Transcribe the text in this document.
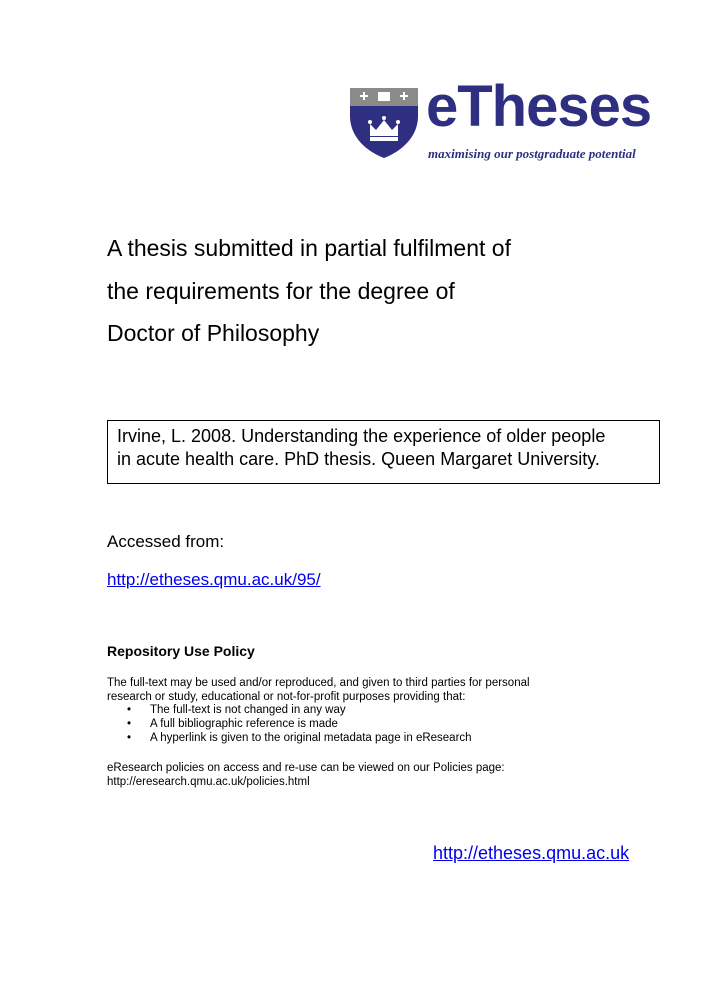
eTheses
maximising our postgraduate potential
A thesis submitted in partial fulfilment of
the requirements for the degree of
Doctor of Philosophy
Irvine, L. 2008. Understanding the experience of older people
in acute health care. PhD thesis. Queen Margaret University.
Accessed from:
http://etheses.qmu.ac.uk/95/
Repository Use Policy
The full-text may be used and/or reproduced, and given to third parties for personal
research or study, educational or not-for-profit purposes providing that:
• The full-text is not changed in any way
• A full bibliographic reference is made
• A hyperlink is given to the original metadata page in eResearch
eResearch policies on access and re-use can be viewed on our Policies page:
http://eresearch.qmu.ac.uk/policies.html
http://etheses.qmu.ac.uk
